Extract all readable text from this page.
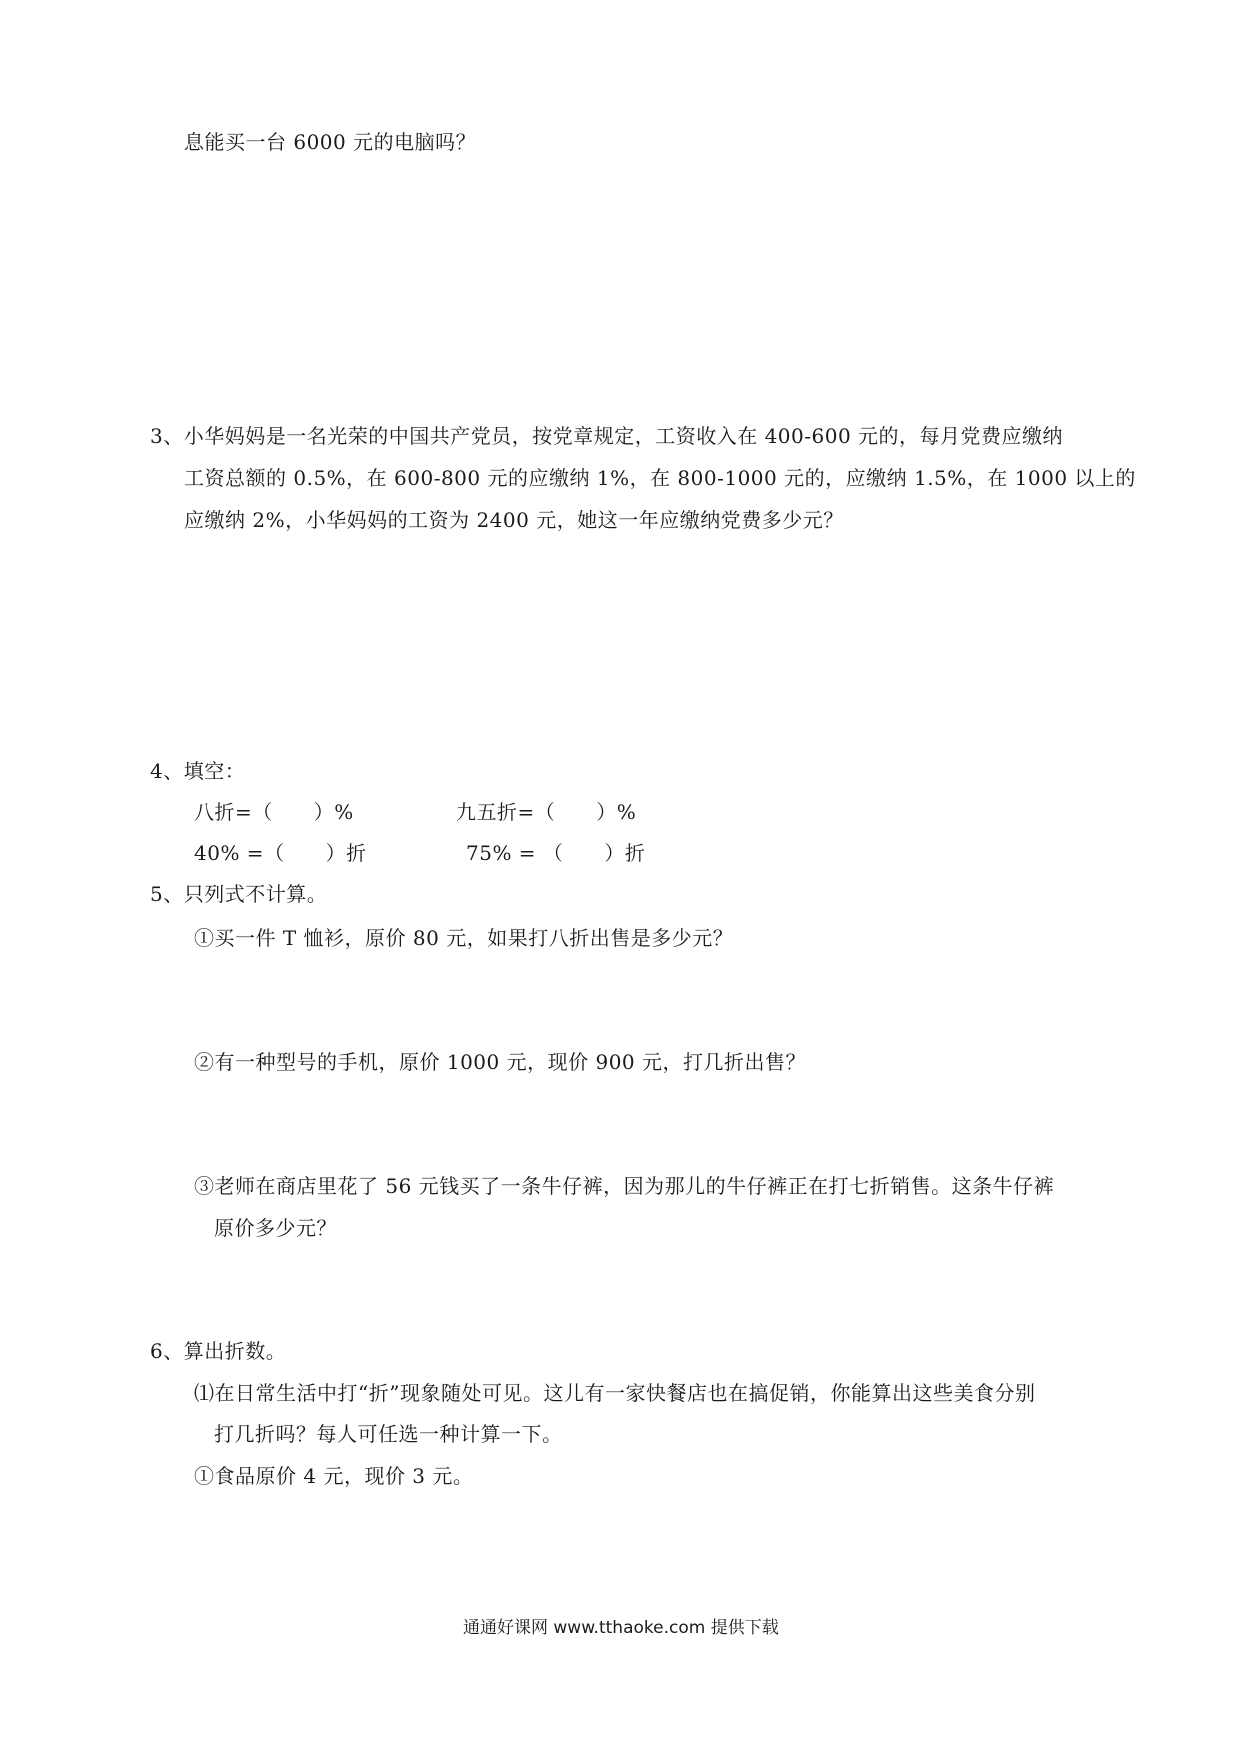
息能买一台 6000 元的电脑吗？
3、小华妈妈是一名光荣的中国共产党员，按党章规定，工资收入在 400-600 元的，每月党费应缴纳
工资总额的 0.5%，在 600-800 元的应缴纳 1%，在 800-1000 元的，应缴纳 1.5%，在 1000 以上的
应缴纳 2%，小华妈妈的工资为 2400 元，她这一年应缴纳党费多少元？
4、填空：
八折=（　　）%	九五折=（　　）%
40% =（　　）折	75% = （　　）折
5、只列式不计算。
①买一件 T 恤衫，原价 80 元，如果打八折出售是多少元？
②有一种型号的手机，原价 1000 元，现价 900 元，打几折出售？
③老师在商店里花了 56 元钱买了一条牛仔裤，因为那儿的牛仔裤正在打七折销售。这条牛仔裤
原价多少元？
6、算出折数。
⑴在日常生活中打“折”现象随处可见。这儿有一家快餐店也在搞促销，你能算出这些美食分别
打几折吗？每人可任选一种计算一下。
①食品原价 4 元，现价 3 元。
通通好课网 www.tthaoke.com 提供下载
